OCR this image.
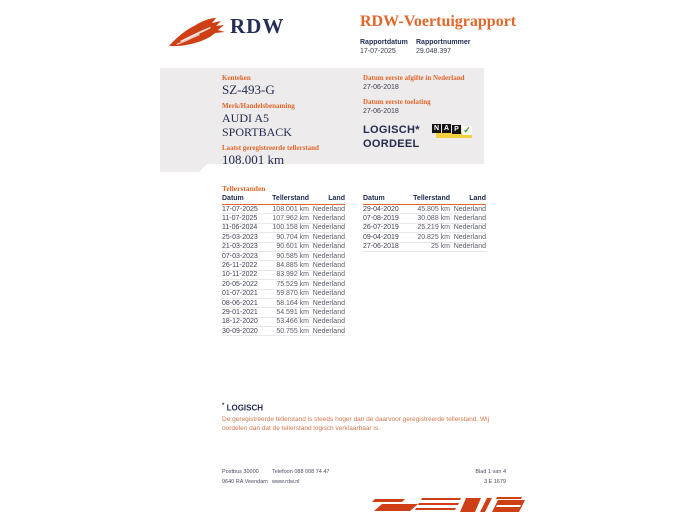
RDW	RDW-Voertuigrapport
Rapportdatum
17-07-2025
Rapportnummer
29.048.397
Kenteken
SZ-493-G
Merk/Handelsbenaming
AUDI A5
SPORTBACK
Laatst geregistreerde tellerstand
108.001 km
Datum eerste afgifte in Nederland
27-06-2018
Datum eerste toelating
27-06-2018
LOGISCH*
OORDEEL
N A P ✓
Tellerstanden
Datum	Tellerstand	Land
17-07-2025	108.001 km	Nederland
11-07-2025	107.962 km	Nederland
11-06-2024	100.158 km	Nederland
25-03-2023	90.704 km	Nederland
21-03-2023	90.601 km	Nederland
07-03-2023	90.585 km	Nederland
26-11-2022	84.885 km	Nederland
10-11-2022	83.992 km	Nederland
20-05-2022	75.529 km	Nederland
01-07-2021	59.870 km	Nederland
08-06-2021	58.164 km	Nederland
29-01-2021	54.591 km	Nederland
18-12-2020	53.466 km	Nederland
30-09-2020	50.755 km	Nederland
Datum	Tellerstand	Land
29-04-2020	45.805 km	Nederland
07-08-2019	30.088 km	Nederland
26-07-2019	25.219 km	Nederland
09-04-2019	20.825 km	Nederland
27-06-2018	25 km	Nederland
* LOGISCH
De geregistreerde tellerstand is steeds hoger dan de daarvoor geregistreerde tellerstand. Wij oordelen dan dat de tellerstand logisch verklaarbaar is.
Postbus 30000
9640 RA Veendam
Telefoon 088 008 74 47
www.rdw.nl
Blad 1 van 4
3 E 1679
